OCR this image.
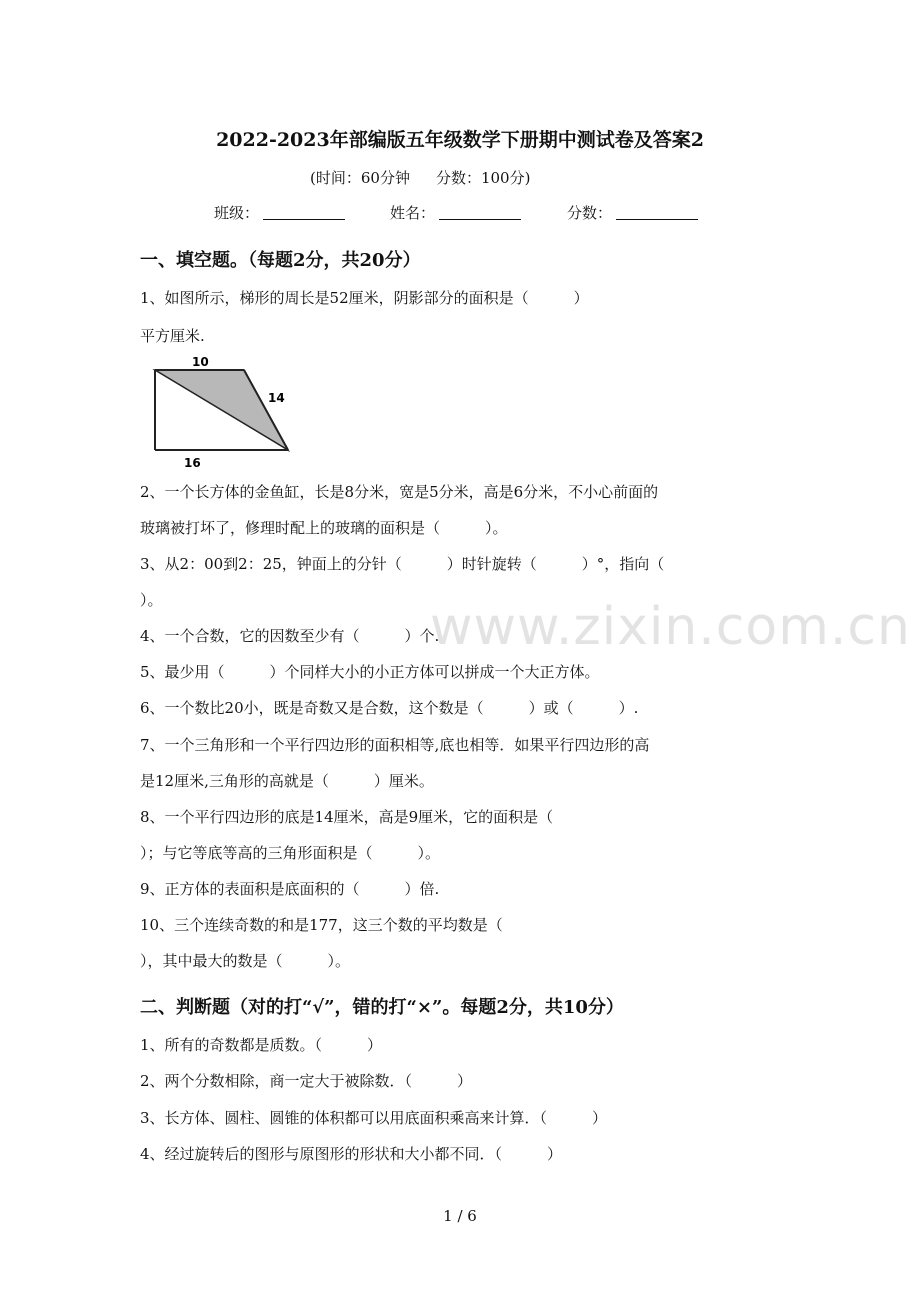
2022-2023年部编版五年级数学下册期中测试卷及答案2
(时间：60分钟 分数：100分)
班级：	姓名：	分数：
www.zixin.com.cn
一、填空题。（每题2分，共20分）
1、如图所示，梯形的周长是52厘米，阴影部分的面积是（　　　）
平方厘米.
10
14
16
2、一个长方体的金鱼缸，长是8分米，宽是5分米，高是6分米，不小心前面的
玻璃被打坏了，修理时配上的玻璃的面积是（　　　）。
3、从2：00到2：25，钟面上的分针（　　　）时针旋转（　　　）°，指向（
）。
4、一个合数，它的因数至少有（　　　）个.
5、最少用（　　　）个同样大小的小正方体可以拼成一个大正方体。
6、一个数比20小，既是奇数又是合数，这个数是（　　　）或（　　　）.
7、一个三角形和一个平行四边形的面积相等,底也相等．如果平行四边形的高
是12厘米,三角形的高就是（　　　）厘米。
8、一个平行四边形的底是14厘米，高是9厘米，它的面积是（
）；与它等底等高的三角形面积是（　　　）。
9、正方体的表面积是底面积的（　　　）倍.
10、三个连续奇数的和是177，这三个数的平均数是（
），其中最大的数是（　　　）。
二、判断题（对的打“√”，错的打“×”。每题2分，共10分）
1、所有的奇数都是质数。（　　　）
2、两个分数相除，商一定大于被除数．（　　　）
3、长方体、圆柱、圆锥的体积都可以用底面积乘高来计算．（　　　）
4、经过旋转后的图形与原图形的形状和大小都不同．（　　　）
1 / 6
